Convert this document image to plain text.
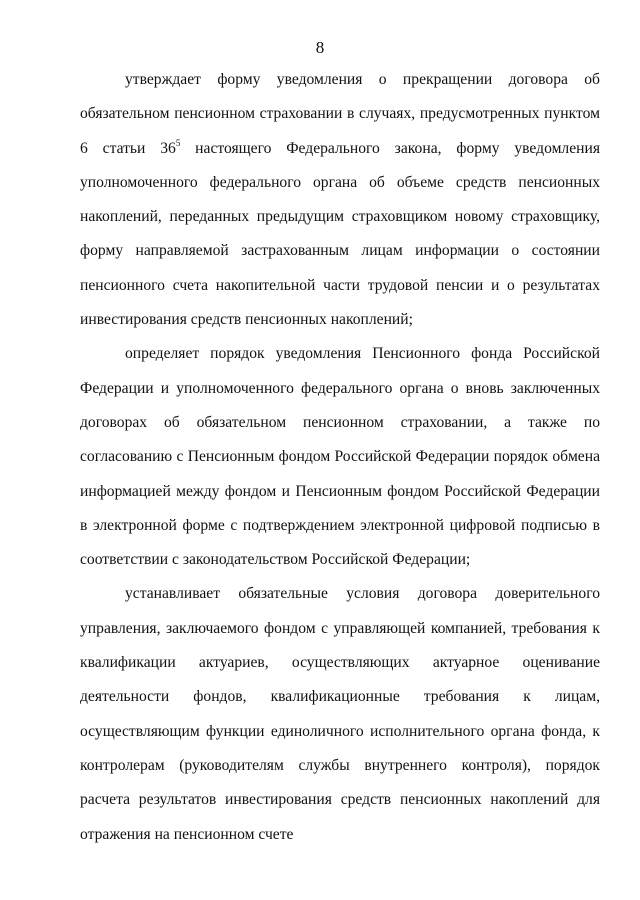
8

утверждает форму уведомления о прекращении договора об обязательном пенсионном страховании в случаях, предусмотренных пунктом 6 статьи $36^5$ настоящего Федерального закона, форму уведомления уполномоченного федерального органа об объеме средств пенсионных накоплений, переданных предыдущим страховщиком новому страховщику, форму направляемой застрахованным лицам информации о состоянии пенсионного счета накопительной части трудовой пенсии и о результатах инвестирования средств пенсионных накоплений;

определяет порядок уведомления Пенсионного фонда Российской Федерации и уполномоченного федерального органа о вновь заключенных договорах об обязательном пенсионном страховании, а также по согласованию с Пенсионным фондом Российской Федерации порядок обмена информацией между фондом и Пенсионным фондом Российской Федерации в электронной форме с подтверждением электронной цифровой подписью в соответствии с законодательством Российской Федерации;

устанавливает обязательные условия договора доверительного управления, заключаемого фондом с управляющей компанией, требования к квалификации актуариев, осуществляющих актуарное оценивание деятельности фондов, квалификационные требования к лицам, осуществляющим функции единоличного исполнительного органа фонда, к контролерам (руководителям службы внутреннего контроля), порядок расчета результатов инвестирования средств пенсионных накоплений для отражения на пенсионном счете
